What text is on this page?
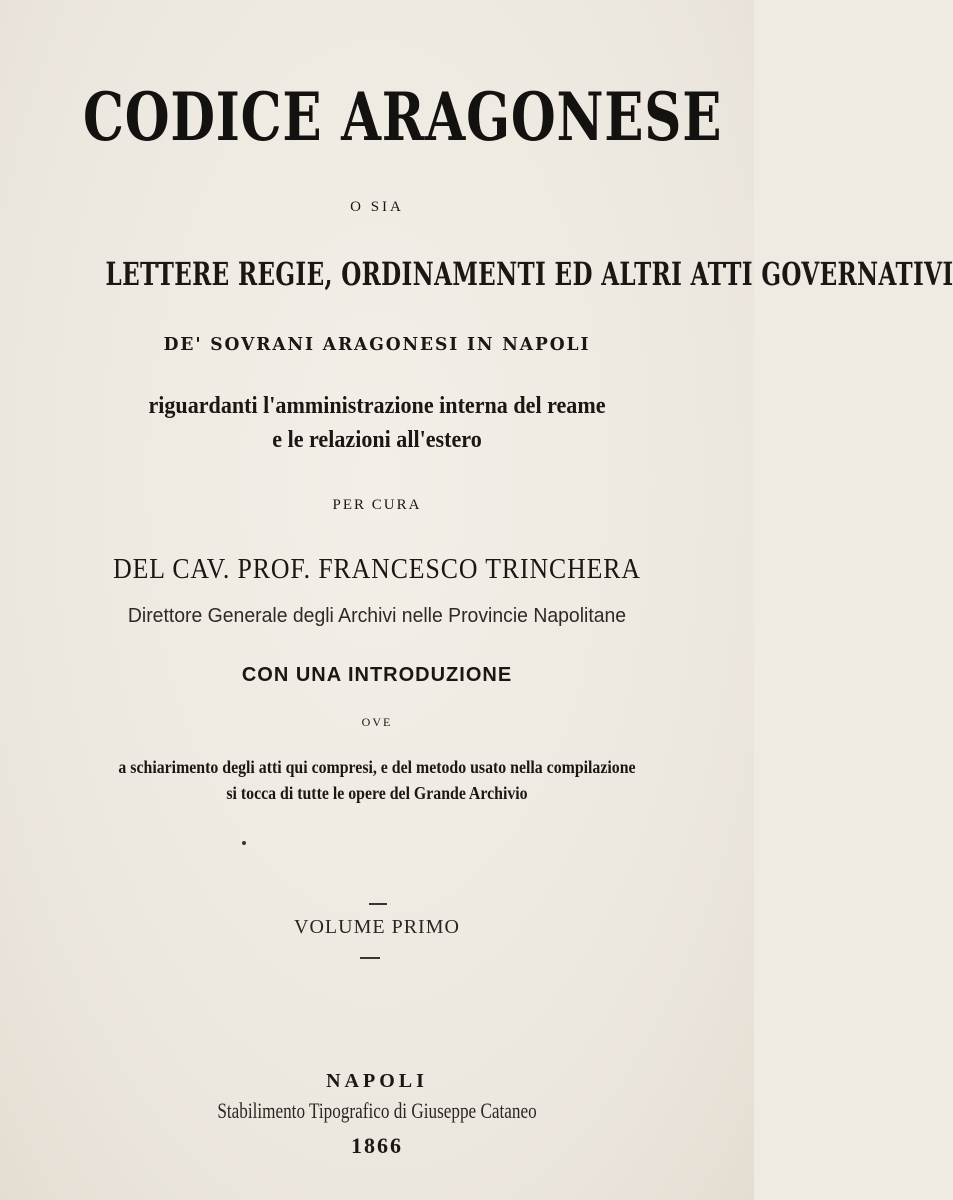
CODICE ARAGONESE
O SIA
LETTERE REGIE, ORDINAMENTI ED ALTRI ATTI GOVERNATIVI
DE' SOVRANI ARAGONESI IN NAPOLI
riguardanti l'amministrazione interna del reame
e le relazioni all'estero
PER CURA
DEL CAV. PROF. FRANCESCO TRINCHERA
Direttore Generale degli Archivi nelle Provincie Napolitane
CON UNA INTRODUZIONE
OVE
a schiarimento degli atti qui compresi, e del metodo usato nella compilazione
si tocca di tutte le opere del Grande Archivio
VOLUME PRIMO
NAPOLI
Stabilimento Tipografico di Giuseppe Cataneo
1866
